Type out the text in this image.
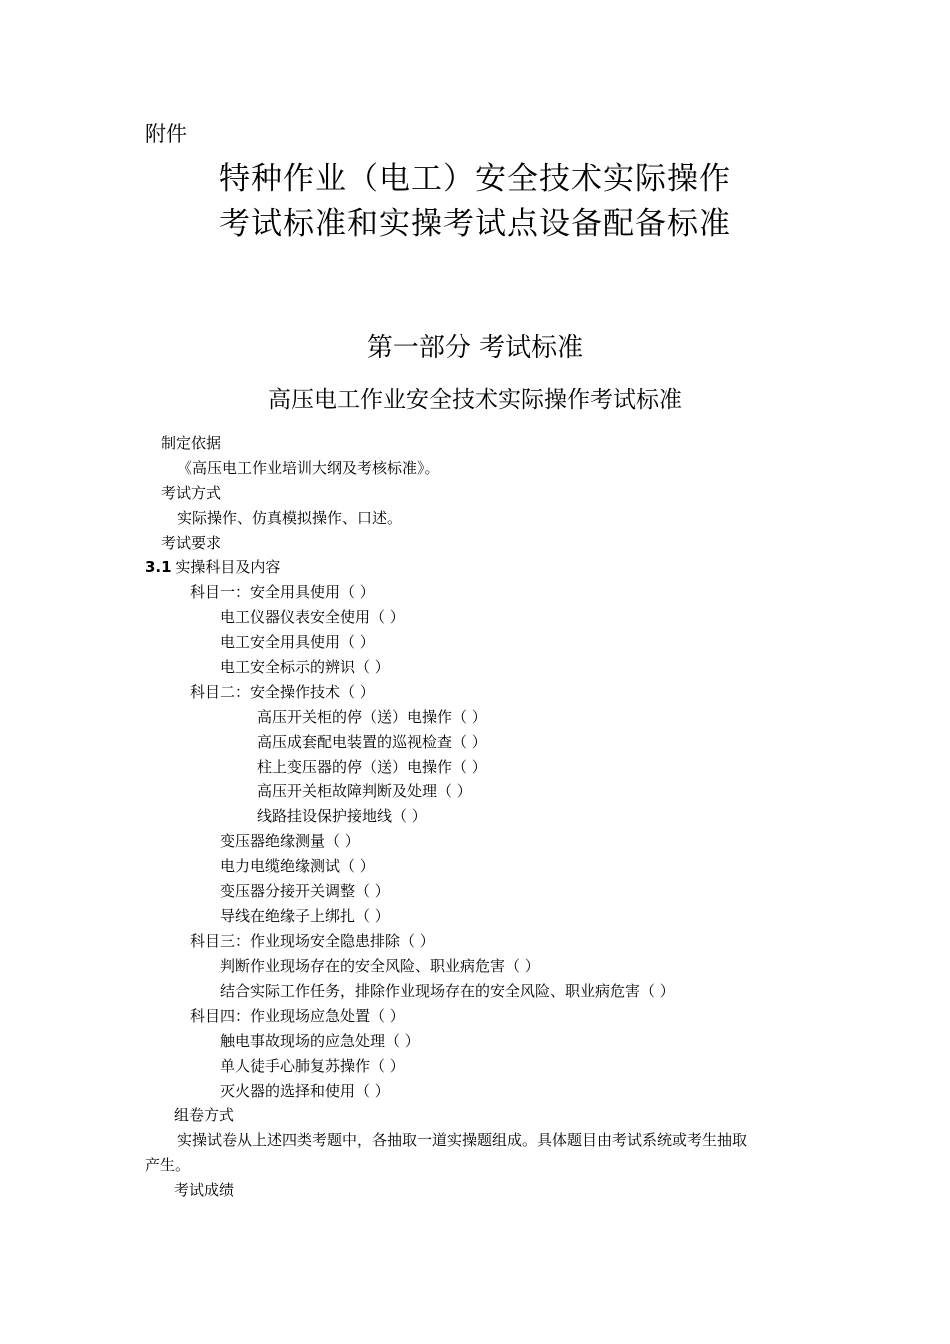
附件
特种作业（电工）安全技术实际操作
考试标准和实操考试点设备配备标准
第一部分 考试标准
高压电工作业安全技术实际操作考试标准
制定依据
《高压电工作业培训大纲及考核标准》。
考试方式
实际操作、仿真模拟操作、口述。
考试要求
3.1 实操科目及内容
科目一：安全用具使用（ ）
电工仪器仪表安全使用（ ）
电工安全用具使用（ ）
电工安全标示的辨识（ ）
科目二：安全操作技术（ ）
高压开关柜的停（送）电操作（ ）
高压成套配电装置的巡视检查（ ）
柱上变压器的停（送）电操作（ ）
高压开关柜故障判断及处理（ ）
线路挂设保护接地线（ ）
变压器绝缘测量（ ）
电力电缆绝缘测试（ ）
变压器分接开关调整（ ）
导线在绝缘子上绑扎（ ）
科目三：作业现场安全隐患排除（ ）
判断作业现场存在的安全风险、职业病危害（ ）
结合实际工作任务，排除作业现场存在的安全风险、职业病危害（ ）
科目四：作业现场应急处置（ ）
触电事故现场的应急处理（ ）
单人徒手心肺复苏操作（ ）
灭火器的选择和使用（ ）
组卷方式
实操试卷从上述四类考题中，各抽取一道实操题组成。具体题目由考试系统或考生抽取
产生。
考试成绩
